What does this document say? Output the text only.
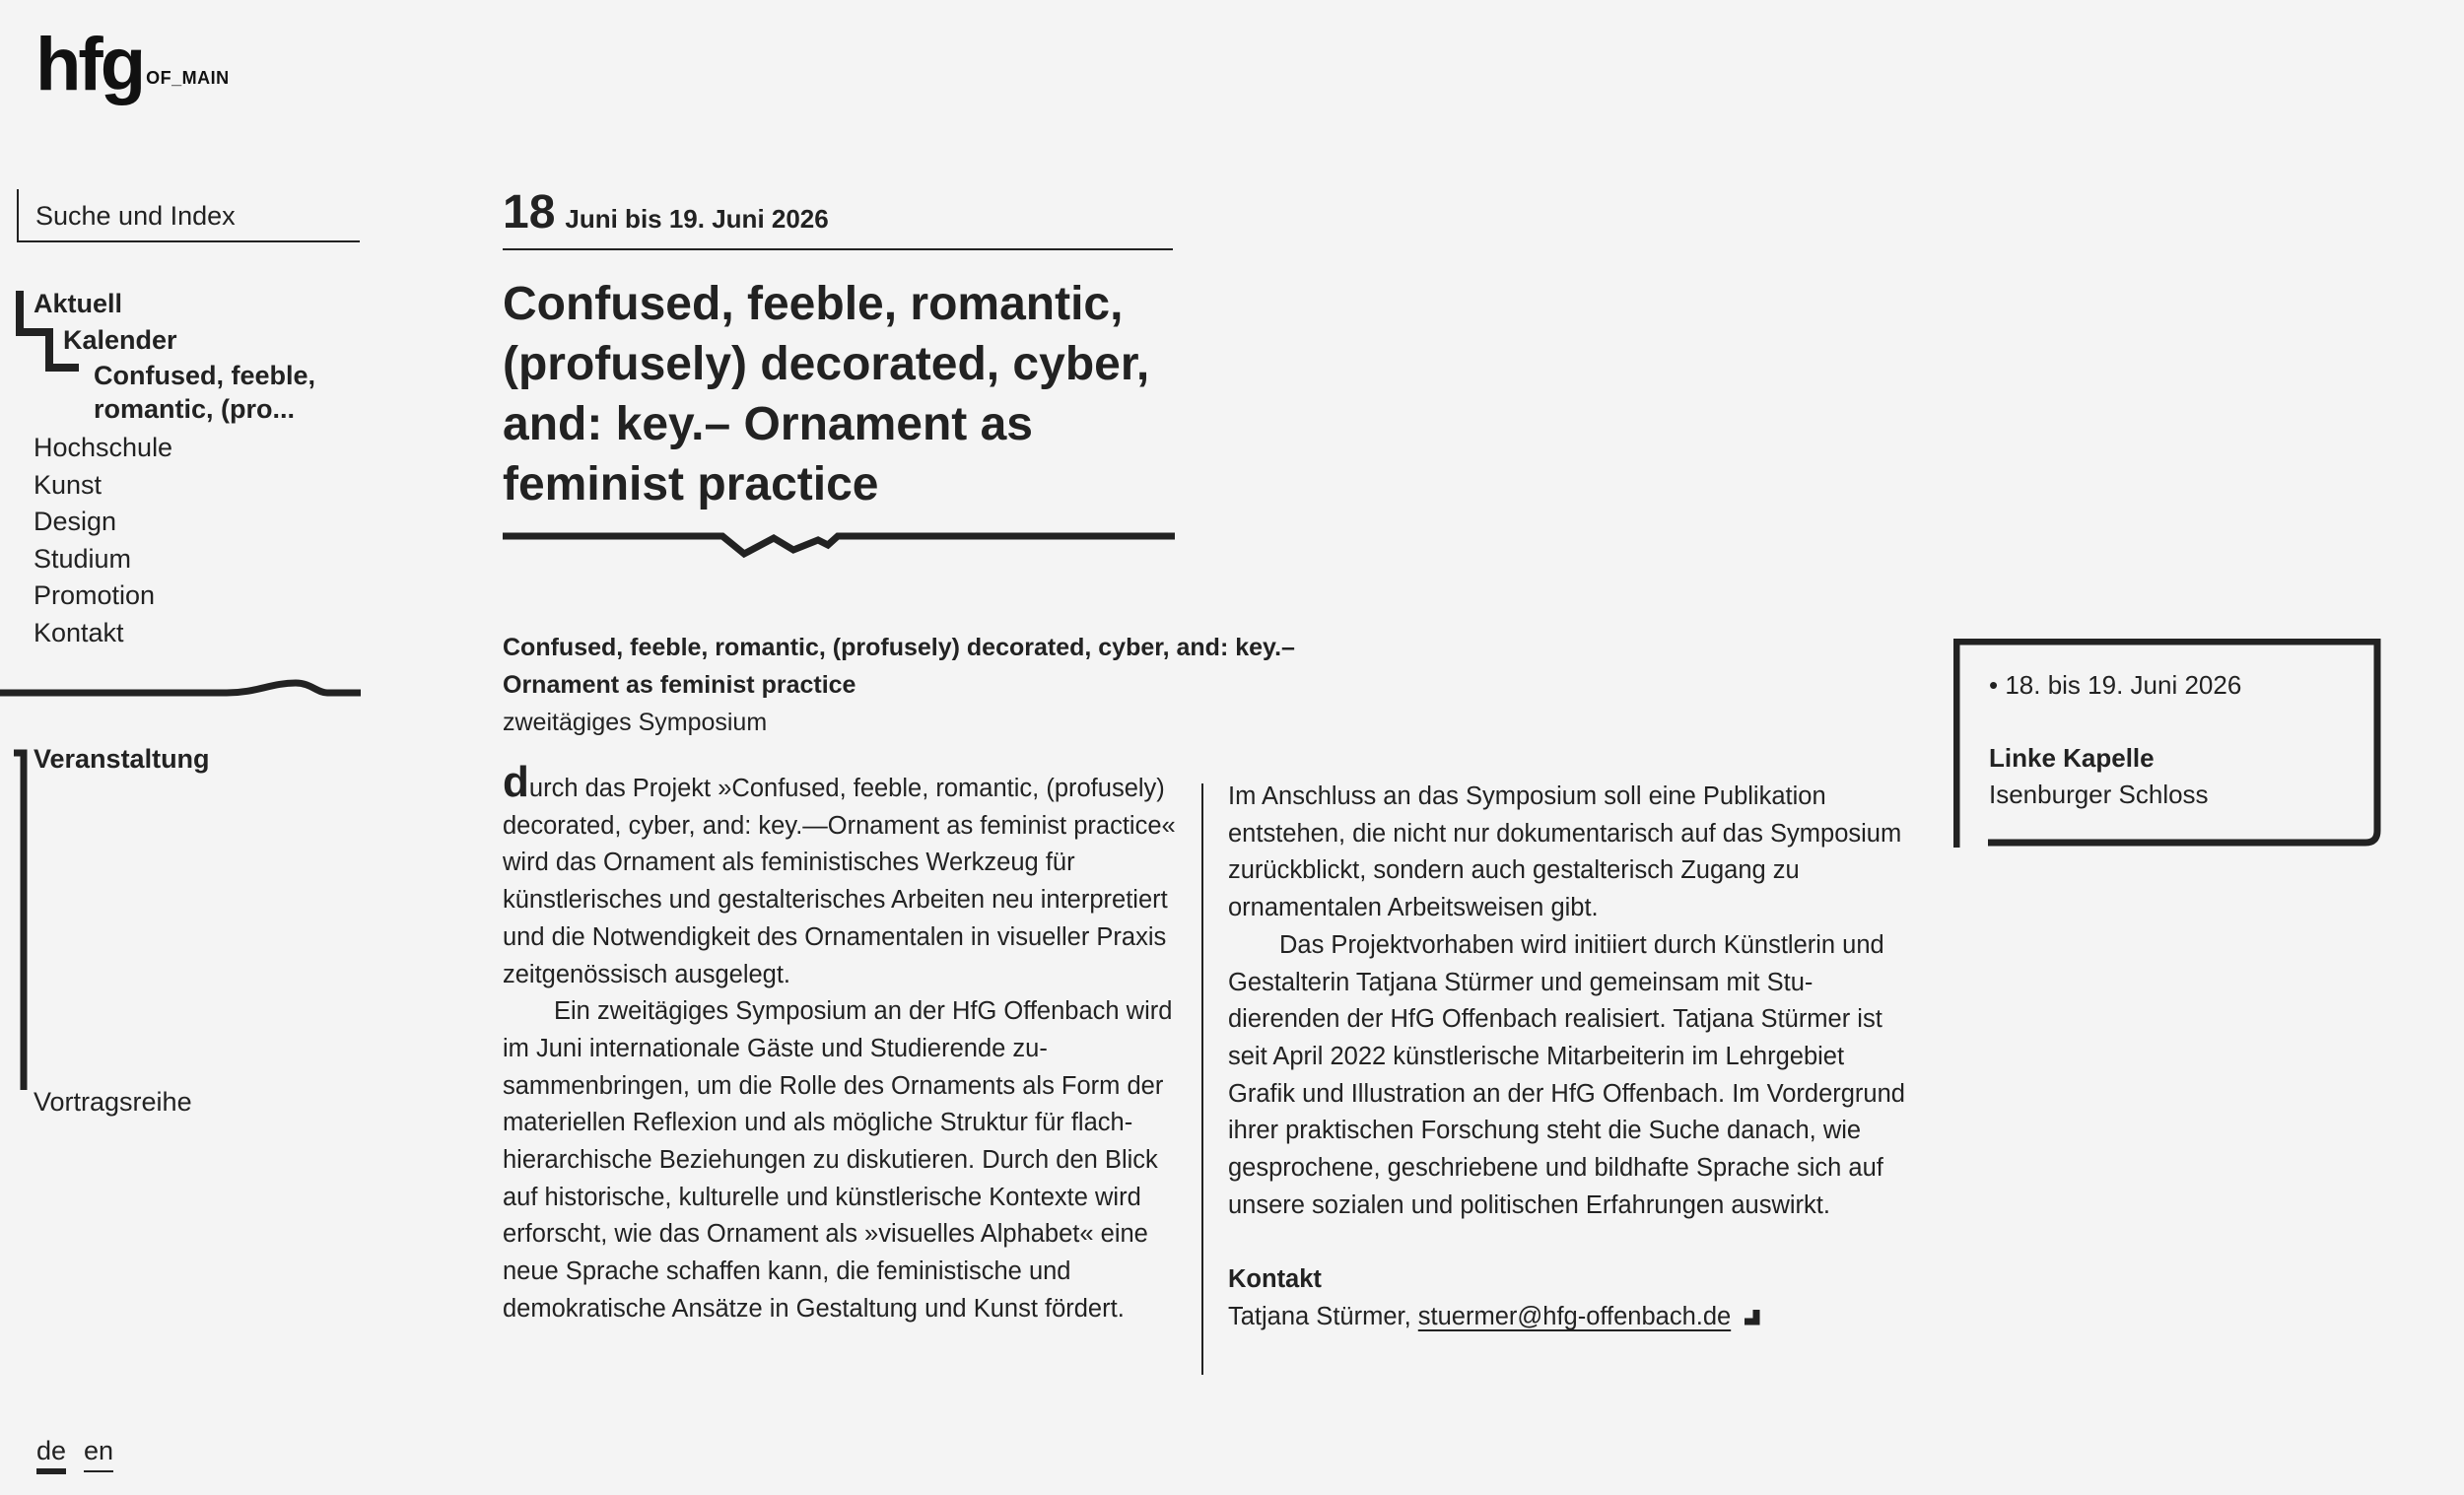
hfg OF_MAIN
Suche und Index
Aktuell
Kalender
Confused, feeble,
romantic, (pro...
Hochschule
Kunst
Design
Studium
Promotion
Kontakt
Veranstaltung
Vortragsreihe
de en
18 Juni bis 19. Juni 2026
Confused, feeble, romantic, (profusely) decorated, cyber, and: key.– Ornament as feminist practice
Confused, feeble, romantic, (profusely) decorated, cyber, and: key.–
Ornament as feminist practice
zweitägiges Symposium

durch das Projekt »Confused, feeble, romantic, (profusely) decorated, cyber, and: key.—Ornament as feminist practice« wird das Ornament als feministisches Werkzeug für künstlerisches und gestalterisches Arbeiten neu interpretiert und die Notwendigkeit des Ornamentalen in visueller Praxis zeitgenössisch ausgelegt.

Ein zweitägiges Symposium an der HfG Offenbach wird im Juni internationale Gäste und Studierende zusammenbringen, um die Rolle des Ornaments als Form der materiellen Reflexion und als mögliche Struktur für flach-hierarchische Beziehungen zu diskutieren. Durch den Blick auf historische, kulturelle und künstlerische Kontexte wird erforscht, wie das Ornament als »visuelles Alphabet« eine neue Sprache schaffen kann, die feministische und demokratische Ansätze in Gestaltung und Kunst fördert.

Im Anschluss an das Symposium soll eine Publikation entstehen, die nicht nur dokumentarisch auf das Symposium zurückblickt, sondern auch gestalterisch Zugang zu ornamentalen Arbeitsweisen gibt.

Das Projektvorhaben wird initiiert durch Künstlerin und Gestalterin Tatjana Stürmer und gemeinsam mit Studierenden der HfG Offenbach realisiert. Tatjana Stürmer ist seit April 2022 künstlerische Mitarbeiterin im Lehrgebiet Grafik und Illustration an der HfG Offenbach. Im Vordergrund ihrer praktischen Forschung steht die Suche danach, wie gesprochene, geschriebene und bildhafte Sprache sich auf unsere sozialen und politischen Erfahrungen auswirkt.

Kontakt

Tatjana Stürmer, stuermer@hfg-offenbach.de

• 18. bis 19. Juni 2026
Linke Kapelle
Isenburger Schloss
